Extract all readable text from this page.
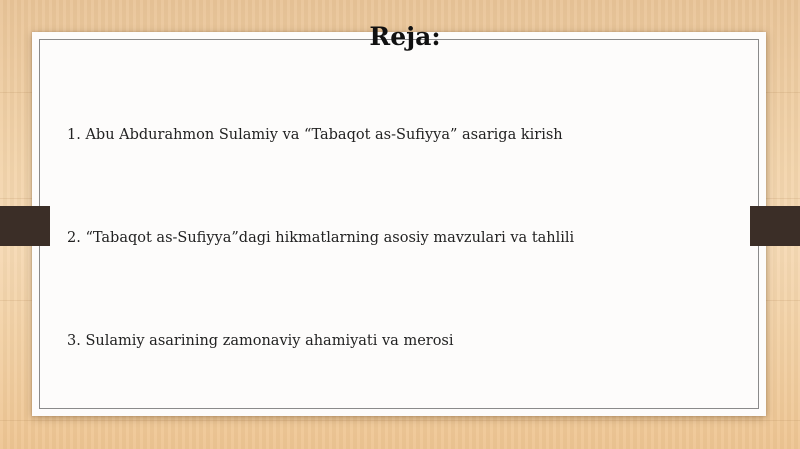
Reja:
1. Abu Abdurahmon Sulamiy va “Tabaqot as-Sufiyya” asariga kirish
2. “Tabaqot as-Sufiyya”dagi hikmatlarning asosiy mavzulari va tahlili
3. Sulamiy asarining zamonaviy ahamiyati va merosi
